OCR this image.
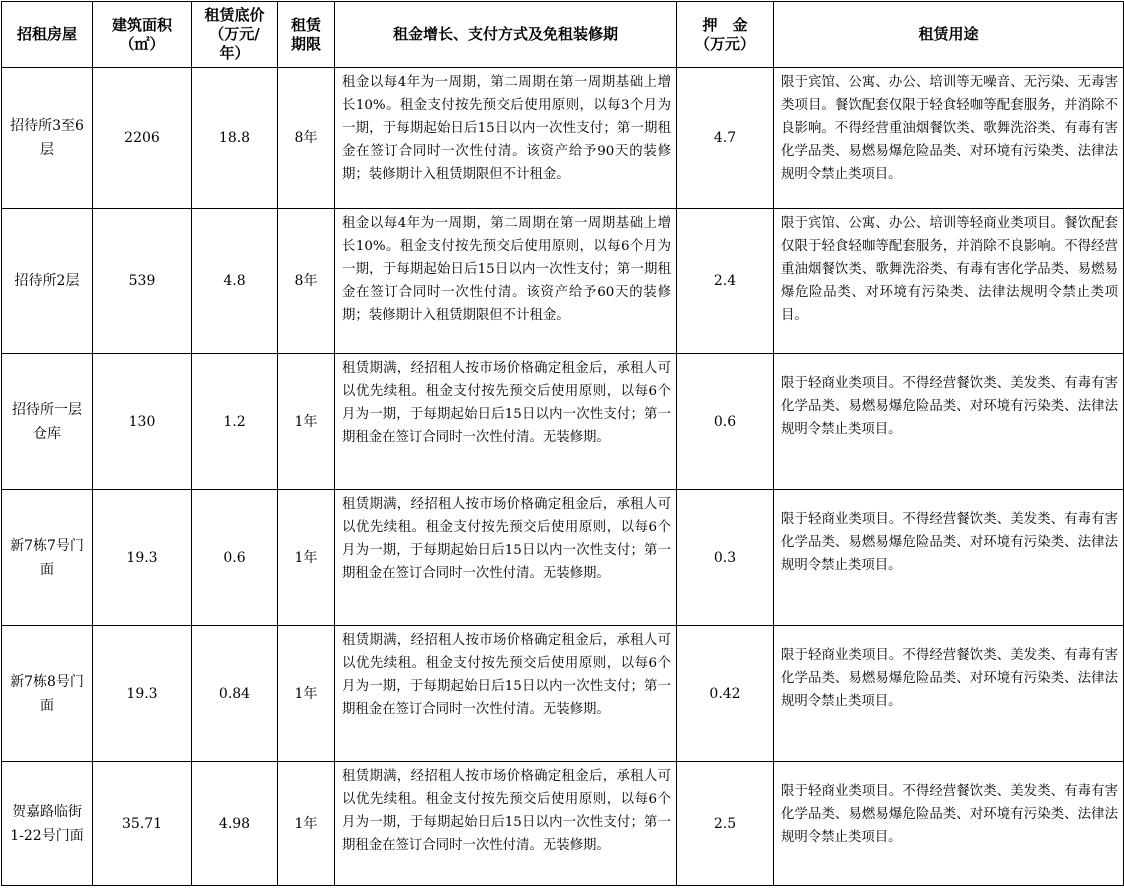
招租房屋	建筑面积（㎡）	租赁底价（万元/年）	租赁期限	租金增长、支付方式及免租装修期	押　金（万元）	租赁用途

招待所3至6层	2206	18.8	8年	租金以每4年为一周期，第二周期在第一周期基础上增长10%。租金支付按先预交后使用原则，以每3个月为一期，于每期起始日后15日以内一次性支付；第一期租金在签订合同时一次性付清。该资产给予90天的装修期；装修期计入租赁期限但不计租金。	4.7	限于宾馆、公寓、办公、培训等无噪音、无污染、无毒害类项目。餐饮配套仅限于轻食轻咖等配套服务，并消除不良影响。不得经营重油烟餐饮类、歌舞洗浴类、有毒有害化学品类、易燃易爆危险品类、对环境有污染类、法律法规明令禁止类项目。

招待所2层	539	4.8	8年	租金以每4年为一周期，第二周期在第一周期基础上增长10%。租金支付按先预交后使用原则，以每6个月为一期，于每期起始日后15日以内一次性支付；第一期租金在签订合同时一次性付清。该资产给予60天的装修期；装修期计入租赁期限但不计租金。	2.4	限于宾馆、公寓、办公、培训等轻商业类项目。餐饮配套仅限于轻食轻咖等配套服务，并消除不良影响。不得经营重油烟餐饮类、歌舞洗浴类、有毒有害化学品类、易燃易爆危险品类、对环境有污染类、法律法规明令禁止类项目。

招待所一层仓库	130	1.2	1年	租赁期满，经招租人按市场价格确定租金后，承租人可以优先续租。租金支付按先预交后使用原则，以每6个月为一期，于每期起始日后15日以内一次性支付；第一期租金在签订合同时一次性付清。无装修期。	0.6	限于轻商业类项目。不得经营餐饮类、美发类、有毒有害化学品类、易燃易爆危险品类、对环境有污染类、法律法规明令禁止类项目。

新7栋7号门面	19.3	0.6	1年	租赁期满，经招租人按市场价格确定租金后，承租人可以优先续租。租金支付按先预交后使用原则，以每6个月为一期，于每期起始日后15日以内一次性支付；第一期租金在签订合同时一次性付清。无装修期。	0.3	限于轻商业类项目。不得经营餐饮类、美发类、有毒有害化学品类、易燃易爆危险品类、对环境有污染类、法律法规明令禁止类项目。

新7栋8号门面	19.3	0.84	1年	租赁期满，经招租人按市场价格确定租金后，承租人可以优先续租。租金支付按先预交后使用原则，以每6个月为一期，于每期起始日后15日以内一次性支付；第一期租金在签订合同时一次性付清。无装修期。	0.42	限于轻商业类项目。不得经营餐饮类、美发类、有毒有害化学品类、易燃易爆危险品类、对环境有污染类、法律法规明令禁止类项目。

贺嘉路临街1-22号门面	35.71	4.98	1年	租赁期满，经招租人按市场价格确定租金后，承租人可以优先续租。租金支付按先预交后使用原则，以每6个月为一期，于每期起始日后15日以内一次性支付；第一期租金在签订合同时一次性付清。无装修期。	2.5	限于轻商业类项目。不得经营餐饮类、美发类、有毒有害化学品类、易燃易爆危险品类、对环境有污染类、法律法规明令禁止类项目。
